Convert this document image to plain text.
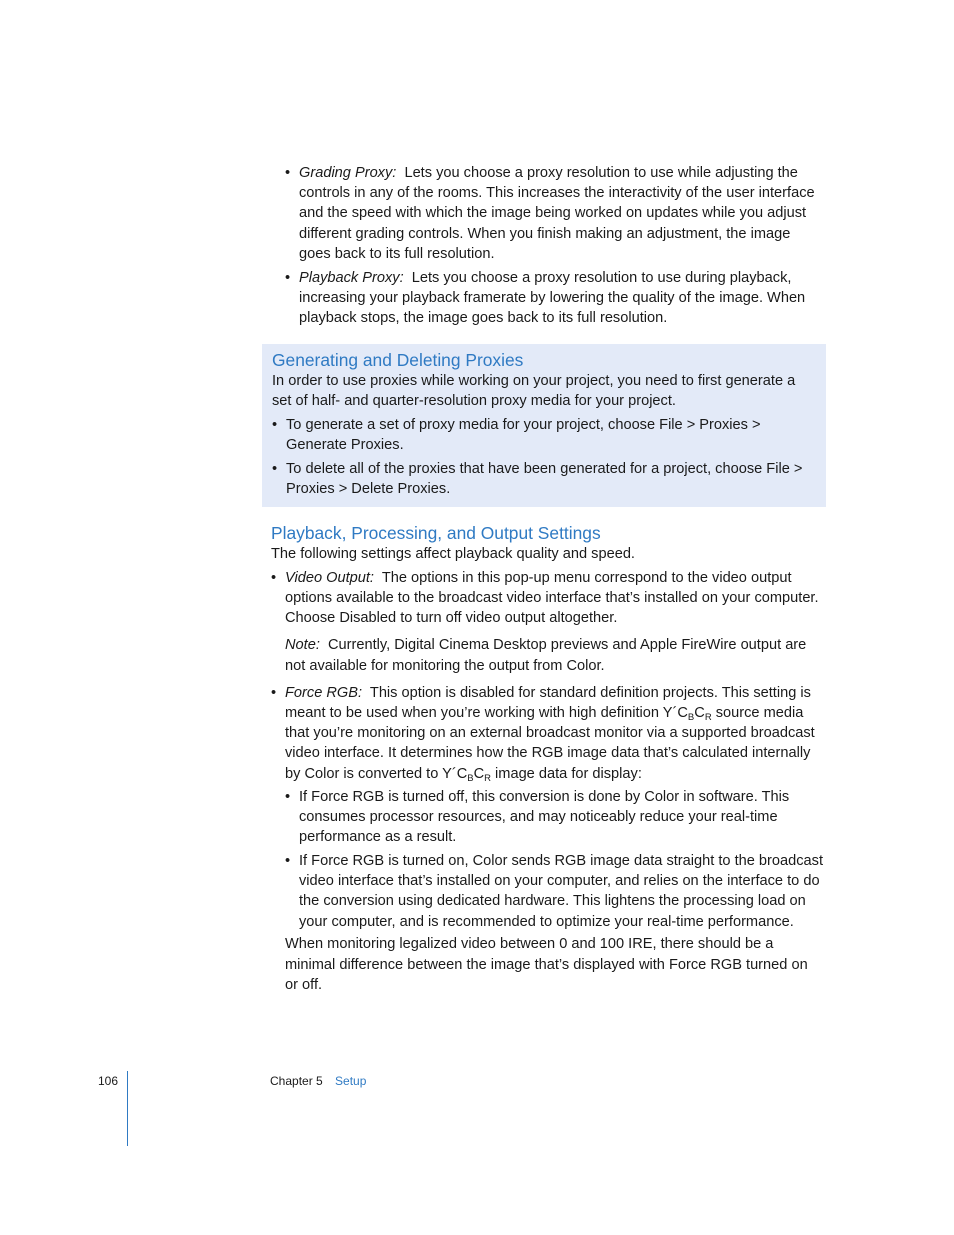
• Grading Proxy: Lets you choose a proxy resolution to use while adjusting the controls in any of the rooms. This increases the interactivity of the user interface and the speed with which the image being worked on updates while you adjust different grading controls. When you finish making an adjustment, the image goes back to its full resolution.
• Playback Proxy: Lets you choose a proxy resolution to use during playback, increasing your playback framerate by lowering the quality of the image. When playback stops, the image goes back to its full resolution.
Generating and Deleting Proxies

In order to use proxies while working on your project, you need to first generate a set of half- and quarter-resolution proxy media for your project.

• To generate a set of proxy media for your project, choose File > Proxies > Generate Proxies.
• To delete all of the proxies that have been generated for a project, choose File > Proxies > Delete Proxies.
Playback, Processing, and Output Settings

The following settings affect playback quality and speed.

• Video Output: The options in this pop-up menu correspond to the video output options available to the broadcast video interface that’s installed on your computer. Choose Disabled to turn off video output altogether.

Note: Currently, Digital Cinema Desktop previews and Apple FireWire output are not available for monitoring the output from Color.

• Force RGB: This option is disabled for standard definition projects. This setting is meant to be used when you’re working with high definition $Y´C_BC_R$ source media that you’re monitoring on an external broadcast monitor via a supported broadcast video interface. It determines how the RGB image data that’s calculated internally by Color is converted to $Y´C_BC_R$ image data for display:
• If Force RGB is turned off, this conversion is done by Color in software. This consumes processor resources, and may noticeably reduce your real-time performance as a result.
• If Force RGB is turned on, Color sends RGB image data straight to the broadcast video interface that’s installed on your computer, and relies on the interface to do the conversion using dedicated hardware. This lightens the processing load on your computer, and is recommended to optimize your real-time performance.

When monitoring legalized video between 0 and 100 IRE, there should be a minimal difference between the image that’s displayed with Force RGB turned on or off.

106	Chapter 5 Setup
